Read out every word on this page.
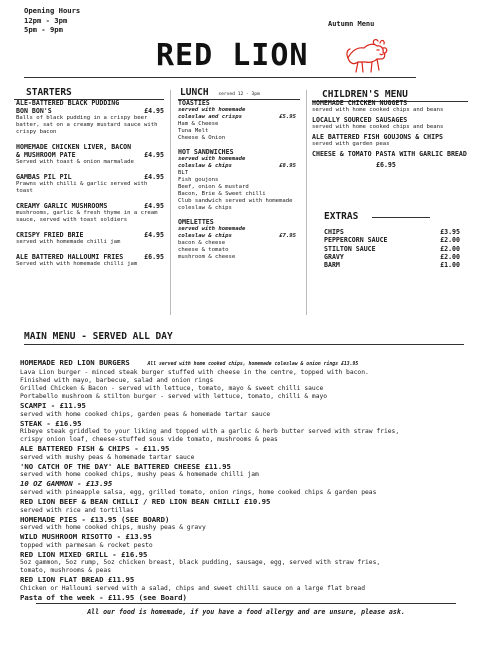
Opening Hours
12pm - 3pm
5pm - 9pm
Autumn Menu
RED LION
STARTERS	LUNCH served 12 - 3pm	CHILDREN'S MENU
ALE-BATTERED BLACK PUDDING BON BON'S	£4.95
Balls of black pudding in a crispy beer batter, sat on a creamy mustard sauce with crispy bacon
HOMEMADE CHICKEN LIVER, BACON & MUSHROOM PATE	£4.95
Served with toast & onion marmalade
GAMBAS PIL PIL	£4.95
Prawns with chilli & garlic served with toast
CREAMY GARLIC MUSHROOMS	£4.95
mushrooms, garlic & fresh thyme in a cream sauce, served with toast soldiers
CRISPY FRIED BRIE	£4.95
served with homemade chilli jam
ALE BATTERED HALLOUMI FRIES	£6.95
Served with with homemade chilli jam
TOASTIES
served with homemade coleslaw and crisps	£5.95
Ham & Cheese
Tuna Melt
Cheese & Onion
HOT SANDWICHES
served with homemade coleslaw & chips	£8.95
BLT
Fish goujons
Beef, onion & mustard
Bacon, Brie & Sweet chilli
Club sandwich served with homemade coleslaw & chips
OMELETTES
served with homemade coleslaw & chips	£7.95
bacon & cheese
cheese & tomato
mushroom & cheese
HOMEMADE CHICKEN NUGGETS
served with home cooked chips and beans
LOCALLY SOURCED SAUSAGES
served with home cooked chips and beans
ALE BATTERED FISH GOUJONS & CHIPS
served with garden peas
CHEESE & TOMATO PASTA WITH GARLIC BREAD
£6.95
EXTRAS
CHIPS	£3.95
PEPPERCORN SAUCE	£2.00
STILTON SAUCE	£2.00
GRAVY	£2.00
BARM	£1.00
MAIN MENU - SERVED ALL DAY
HOMEMADE RED LION BURGERS	All served with home cooked chips, homemade coleslaw & onion rings £13.95
Lava Lion burger - minced steak burger stuffed with cheese in the centre, topped with bacon.
Finished with mayo, barbecue, salad and onion rings
Grilled Chicken & Bacon - served with lettuce, tomato, mayo & sweet chilli sauce
Portabello mushroom & stilton burger - served with lettuce, tomato, chilli & mayo
SCAMPI - £11.95
served with home cooked chips, garden peas & homemade tartar sauce
STEAK - £16.95
Ribeye steak griddled to your liking and topped with a garlic & herb butter served with straw fries,
crispy onion loaf, cheese-stuffed sous vide tomato, mushrooms & peas
ALE BATTERED FISH & CHIPS - £11.95
served with mushy peas & homemade tartar sauce
'NO CATCH OF THE DAY' ALE BATTERED CHEESE £11.95
served with home cooked chips, mushy peas & homemade chilli jam
10 OZ GAMMON - £13.95
served with pineapple salsa, egg, grilled tomato, onion rings, home cooked chips & garden peas
RED LION BEEF & BEAN CHILLI / RED LION BEAN CHILLI £10.95
served with rice and tortillas
HOMEMADE PIES - £13.95 (SEE BOARD)
served with home cooked chips, mushy peas & gravy
WILD MUSHROOM RISOTTO - £13.95
topped with parmesan & rocket pesto
RED LION MIXED GRILL - £16.95
5oz gammon, 5oz rump, 5oz chicken breast, black pudding, sausage, egg, served with straw fries,
tomato, mushrooms & peas
RED LION FLAT BREAD £11.95
Chicken or Halloumi served with a salad, chips and sweet chilli sauce on a large flat bread
Pasta of the week - £11.95 (see Board)
All our food is homemade, if you have a food allergy and are unsure, please ask.
